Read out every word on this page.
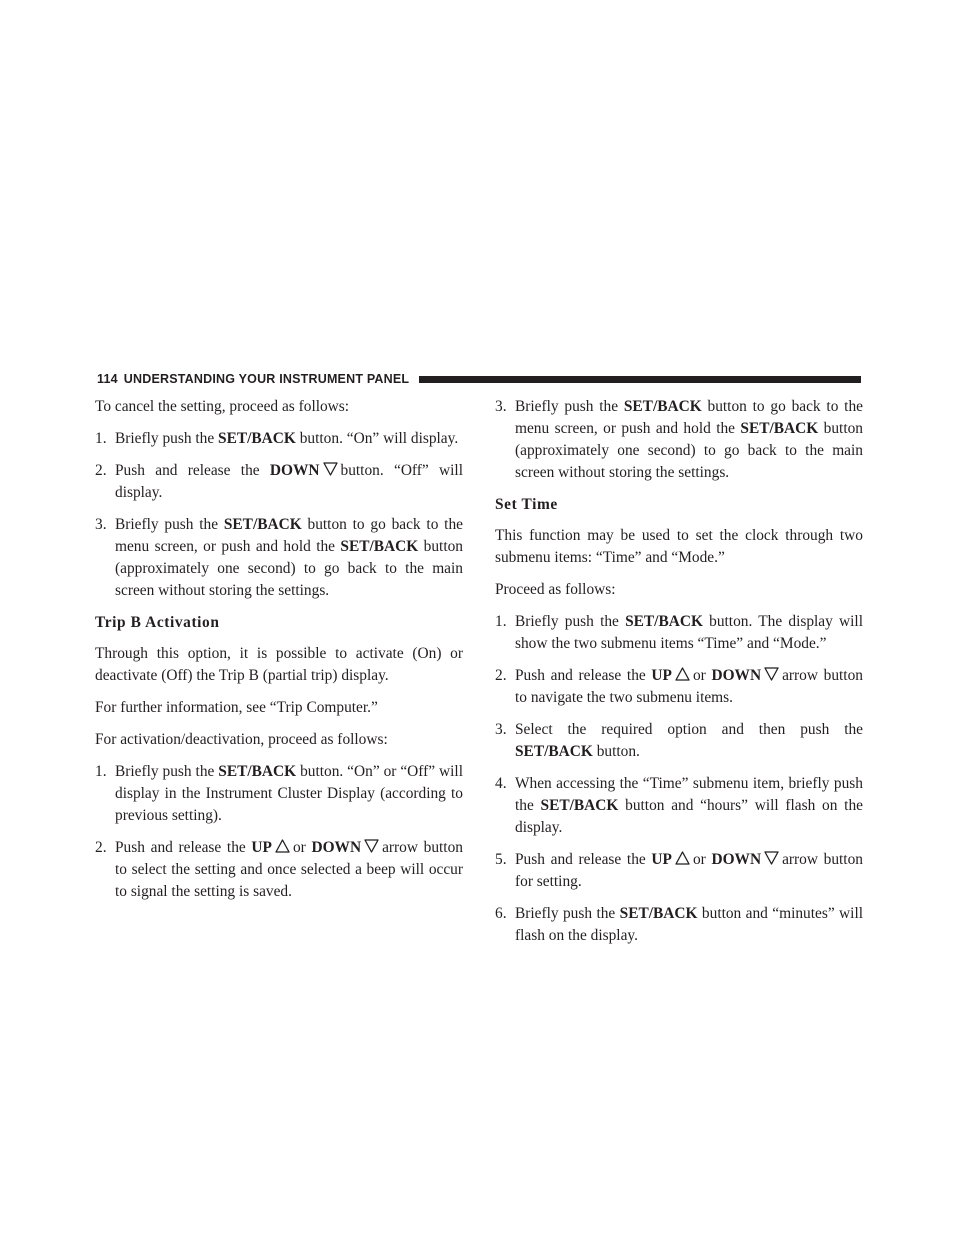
114 UNDERSTANDING YOUR INSTRUMENT PANEL

To cancel the setting, proceed as follows:

1. Briefly push the SET/BACK button. “On” will display.
2. Push and release the DOWN button. “Off” will display.
3. Briefly push the SET/BACK button to go back to the menu screen, or push and hold the SET/BACK button (approximately one second) to go back to the main screen without storing the settings.
Trip B Activation

Through this option, it is possible to activate (On) or deactivate (Off) the Trip B (partial trip) display.

For further information, see “Trip Computer.”

For activation/deactivation, proceed as follows:

1. Briefly push the SET/BACK button. “On” or “Off” will display in the Instrument Cluster Display (according to previous setting).
2. Push and release the UP or DOWN arrow button to select the setting and once selected a beep will occur to signal the setting is saved.
3. Briefly push the SET/BACK button to go back to the menu screen, or push and hold the SET/BACK button (approximately one second) to go back to the main screen without storing the settings.
Set Time

This function may be used to set the clock through two submenu items: “Time” and “Mode.”

Proceed as follows:

1. Briefly push the SET/BACK button. The display will show the two submenu items “Time” and “Mode.”
2. Push and release the UP or DOWN arrow button to navigate the two submenu items.
3. Select the required option and then push the SET/BACK button.
4. When accessing the “Time” submenu item, briefly push the SET/BACK button and “hours” will flash on the display.
5. Push and release the UP or DOWN arrow button for setting.
6. Briefly push the SET/BACK button and “minutes” will flash on the display.
